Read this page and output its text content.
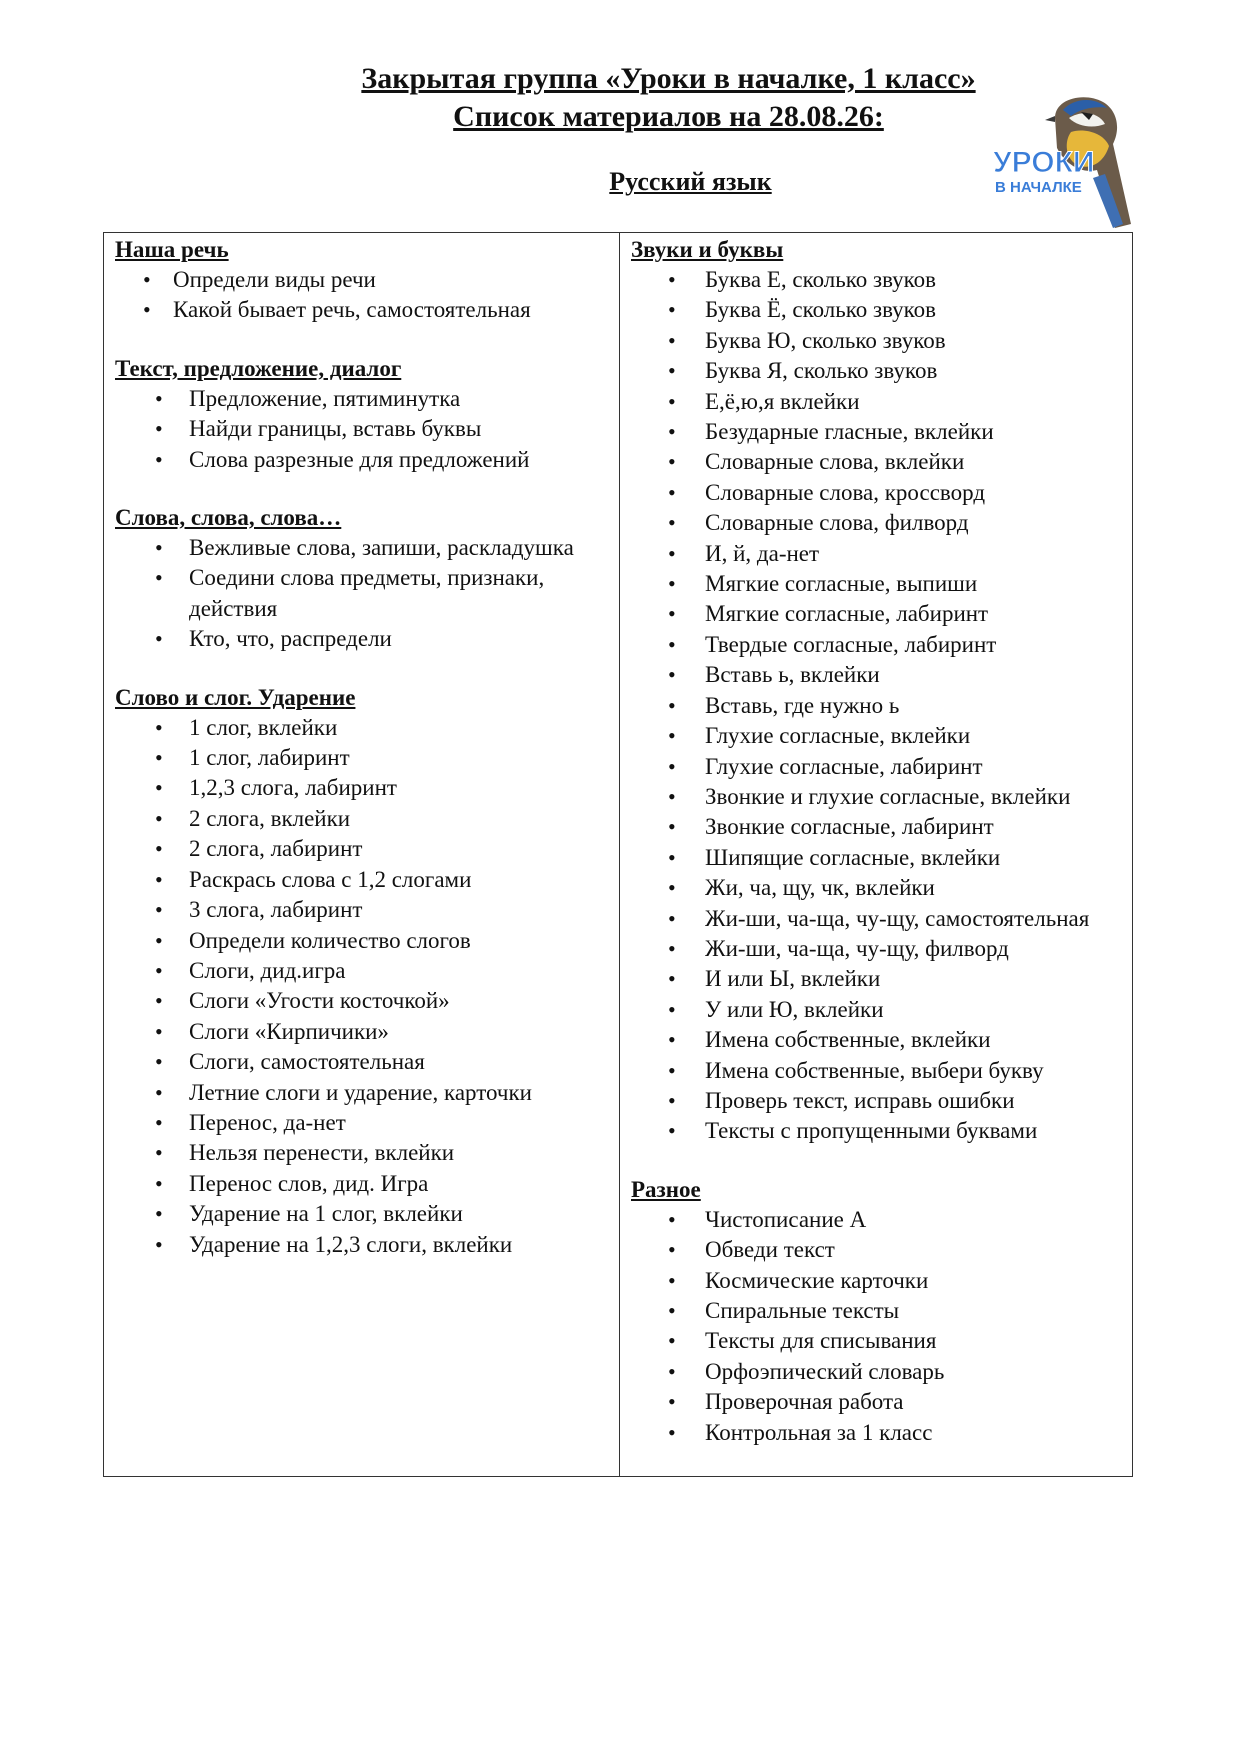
Закрытая группа «Уроки в началке, 1 класс»
Список материалов на 28.08.26:
Русский язык
УРОКИ
В НАЧАЛКЕ
Наша речь
• Определи виды речи
• Какой бывает речь, самостоятельная
Текст, предложение, диалог
• Предложение, пятиминутка
• Найди границы, вставь буквы
• Слова разрезные для предложений
Слова, слова, слова…
• Вежливые слова, запиши, раскладушка
• Соедини слова предметы, признаки, действия
• Кто, что, распредели
Слово и слог. Ударение
• 1 слог, вклейки
• 1 слог, лабиринт
• 1,2,3 слога, лабиринт
• 2 слога, вклейки
• 2 слога, лабиринт
• Раскрась слова с 1,2 слогами
• 3 слога, лабиринт
• Определи количество слогов
• Слоги, дид.игра
• Слоги «Угости косточкой»
• Слоги «Кирпичики»
• Слоги, самостоятельная
• Летние слоги и ударение, карточки
• Перенос, да-нет
• Нельзя перенести, вклейки
• Перенос слов, дид. Игра
• Ударение на 1 слог, вклейки
• Ударение на 1,2,3 слоги, вклейки
Звуки и буквы
• Буква Е, сколько звуков
• Буква Ё, сколько звуков
• Буква Ю, сколько звуков
• Буква Я, сколько звуков
• Е,ё,ю,я вклейки
• Безударные гласные, вклейки
• Словарные слова, вклейки
• Словарные слова, кроссворд
• Словарные слова, филворд
• И, й, да-нет
• Мягкие согласные, выпиши
• Мягкие согласные, лабиринт
• Твердые согласные, лабиринт
• Вставь ь, вклейки
• Вставь, где нужно ь
• Глухие согласные, вклейки
• Глухие согласные, лабиринт
• Звонкие и глухие согласные, вклейки
• Звонкие согласные, лабиринт
• Шипящие согласные, вклейки
• Жи, ча, щу, чк, вклейки
• Жи-ши, ча-ща, чу-щу, самостоятельная
• Жи-ши, ча-ща, чу-щу, филворд
• И или Ы, вклейки
• У или Ю, вклейки
• Имена собственные, вклейки
• Имена собственные, выбери букву
• Проверь текст, исправь ошибки
• Тексты с пропущенными буквами
Разное
• Чистописание А
• Обведи текст
• Космические карточки
• Спиральные тексты
• Тексты для списывания
• Орфоэпический словарь
• Проверочная работа
• Контрольная за 1 класс
